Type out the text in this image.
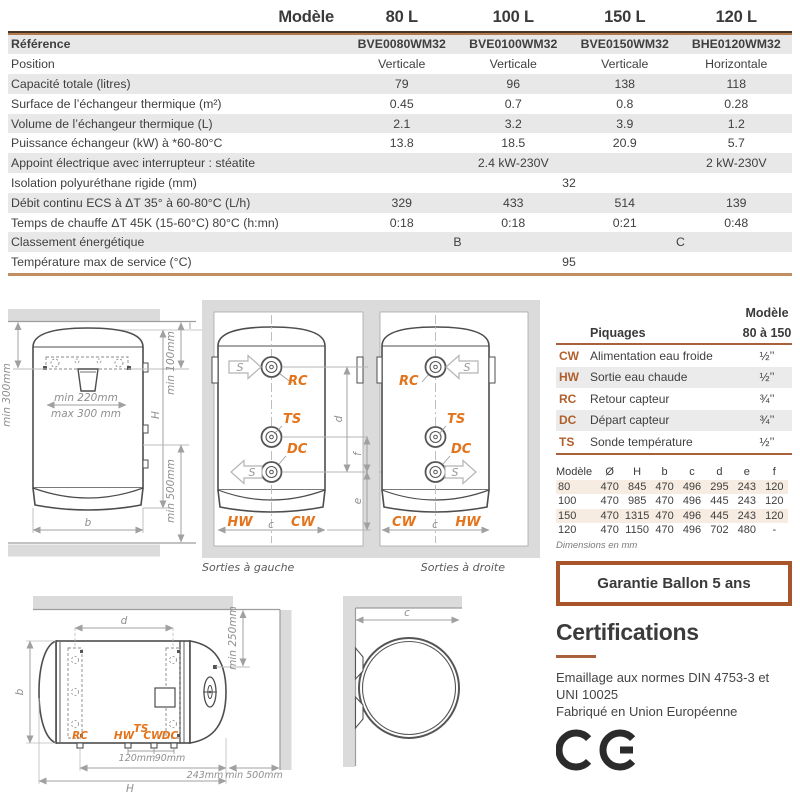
Modèle	80 L	100 L	150 L	120 L
Référence	BVE0080WM32	BVE0100WM32	BVE0150WM32	BHE0120WM32
Position	Verticale	Verticale	Verticale	Horizontale
Capacité totale (litres)	79	96	138	118
Surface de l’échangeur thermique (m²)	0.45	0.7	0.8	0.28
Volume de l’échangeur thermique (L)	2.1	3.2	3.9	1.2
Puissance échangeur (kW) à *60-80°C	13.8	18.5	20.9	5.7
Appoint électrique avec interrupteur : stéatite	2.4 kW-230V	2 kW-230V
Isolation polyuréthane rigide (mm)	32
Débit continu ECS à ΔT 35° à 60-80°C (L/h)	329	433	514	139
Temps de chauffe ΔT 45K (15-60°C) 80°C (h:mn)	0:18	0:18	0:21	0:48
Classement énergétique	B	C
Température max de service (°C)	95
min 220mm
max 300 mm
min 300mm
min 100mm
H
min 500mm
b
S
S
RC
TS
DC
HW c CW
Sorties à gauche
S
S
RC
TS
DC
CW c HW
Sorties à droite
d
f
e
RC HW
TS
CW DC
d
b
min 250mm
120mm 90mm
243mm min 500mm
H
c
Modèle
Piquages	80 à 150
CW Alimentation eau froide	½’’
HW Sortie eau chaude	½’’
RC	Retour capteur	¾’’
DC	Départ capteur	¾’’
TS	Sonde température	½’’
Modèle	Ø	H	b	c	d	e	f
80	470 845 470 496 295 243 120
100	470 985 470 496 445 243 120
150	470 1315 470 496 445 243 120
120	470 1150 470 496 702 480	-
Dimensions en mm
Garantie Ballon 5 ans
Certifications
Emaillage aux normes DIN 4753-3 et UNI 10025
Fabriqué en Union Européenne
